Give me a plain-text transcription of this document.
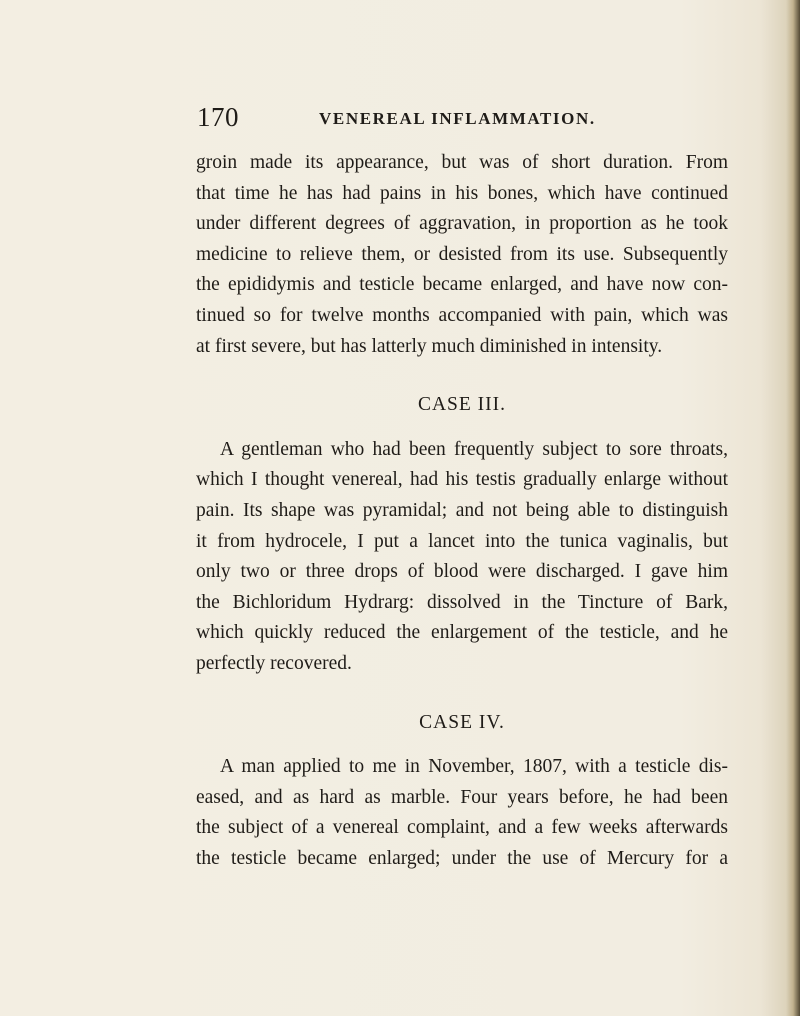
170	VENEREAL INFLAMMATION.

groin made its appearance, but was of short duration. From
that time he has had pains in his bones, which have continued
under different degrees of aggravation, in proportion as he took
medicine to relieve them, or desisted from its use. Subsequently
the epididymis and testicle became enlarged, and have now con-
tinued so for twelve months accompanied with pain, which was
at first severe, but has latterly much diminished in intensity.

CASE III.

A gentleman who had been frequently subject to sore throats,
which I thought venereal, had his testis gradually enlarge without
pain. Its shape was pyramidal; and not being able to distinguish
it from hydrocele, I put a lancet into the tunica vaginalis, but
only two or three drops of blood were discharged. I gave him
the Bichloridum Hydrarg: dissolved in the Tincture of Bark,
which quickly reduced the enlargement of the testicle, and he
perfectly recovered.

CASE IV.

A man applied to me in November, 1807, with a testicle dis-
eased, and as hard as marble. Four years before, he had been
the subject of a venereal complaint, and a few weeks afterwards
the testicle became enlarged; under the use of Mercury for a
